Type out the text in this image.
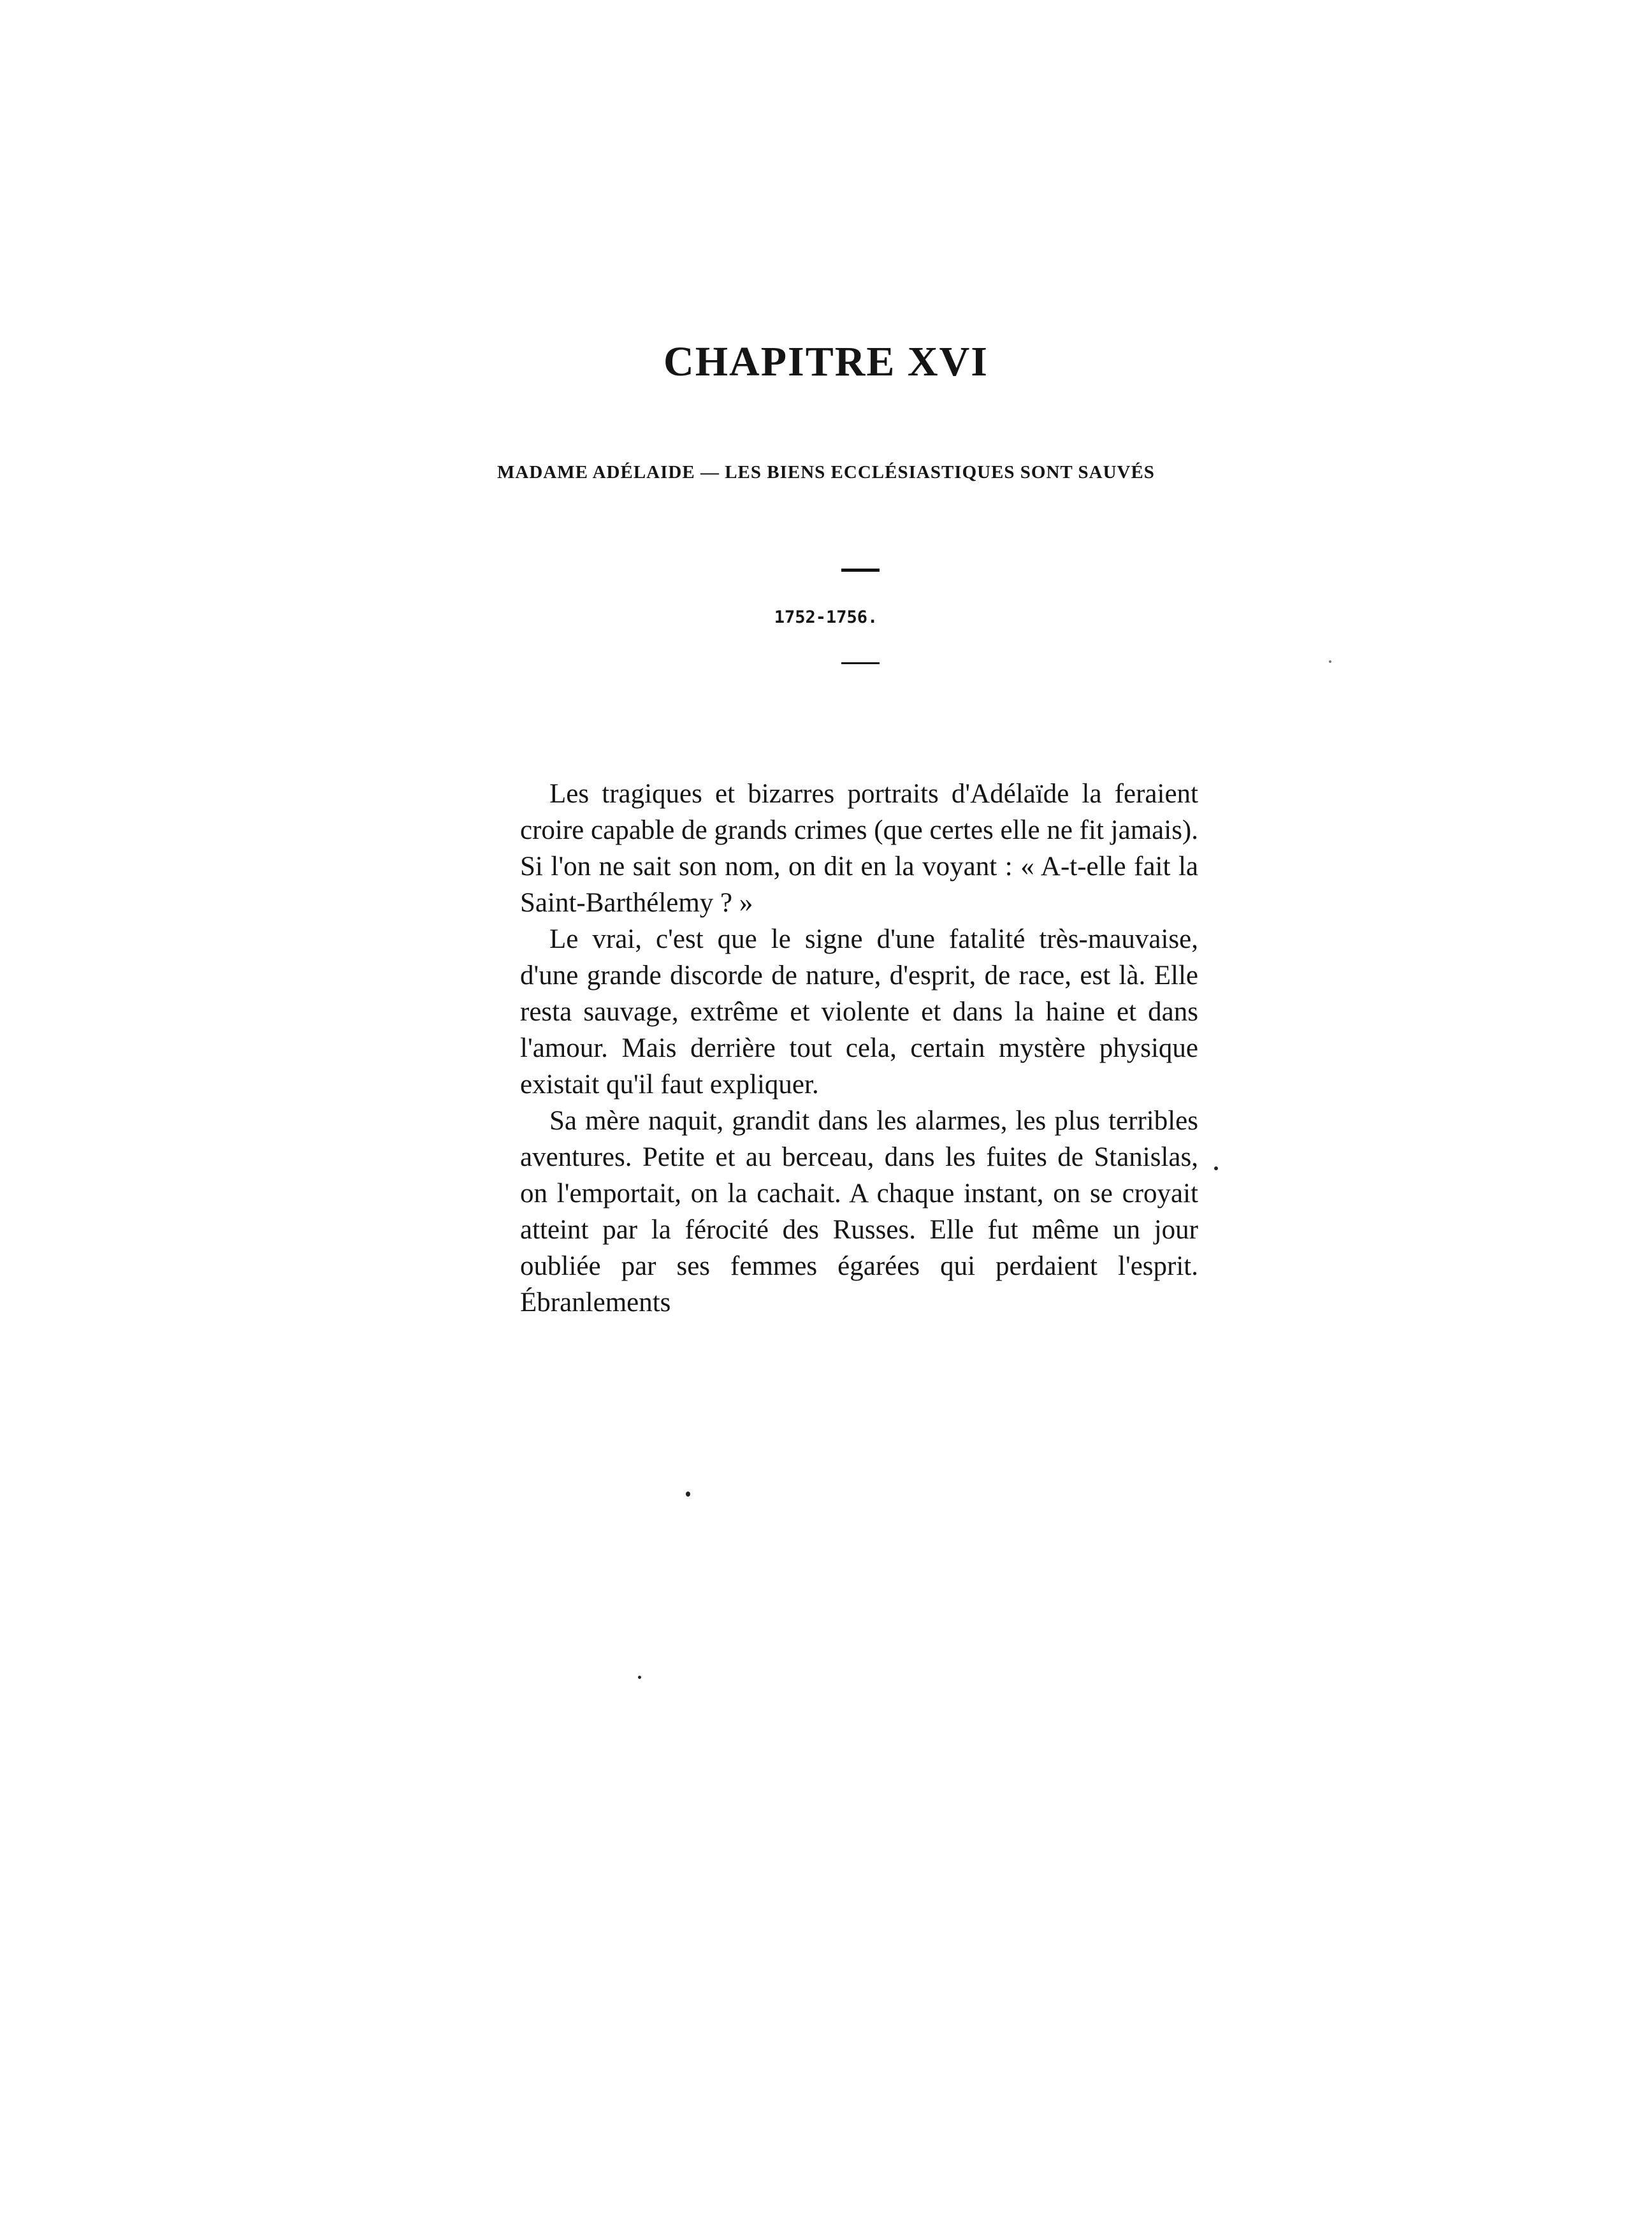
CHAPITRE XVI
MADAME ADÉLAIDE — LES BIENS ECCLÉSIASTIQUES SONT SAUVÉS
1752-1756.

Les tragiques et bizarres portraits d'Adélaïde la feraient croire capable de grands crimes (que certes elle ne fit jamais). Si l'on ne sait son nom, on dit en la voyant : « A-t-elle fait la Saint-Barthélemy ? »

Le vrai, c'est que le signe d'une fatalité très-mauvaise, d'une grande discorde de nature, d'esprit, de race, est là. Elle resta sauvage, extrême et violente et dans la haine et dans l'amour. Mais derrière tout cela, certain mystère physique existait qu'il faut expliquer.

Sa mère naquit, grandit dans les alarmes, les plus terribles aventures. Petite et au berceau, dans les fuites de Stanislas, on l'emportait, on la cachait. A chaque instant, on se croyait atteint par la férocité des Russes. Elle fut même un jour oubliée par ses femmes égarées qui perdaient l'esprit. Ébranlements
